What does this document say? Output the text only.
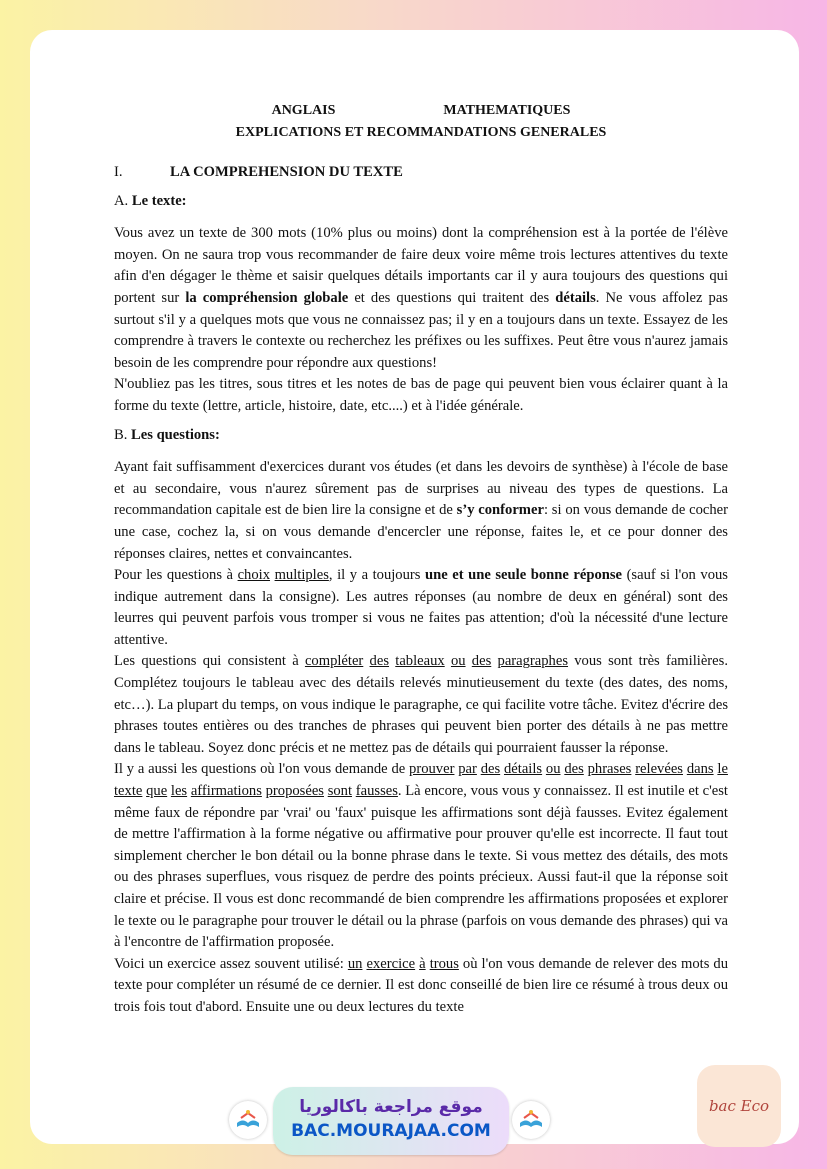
ANGLAIS	MATHEMATIQUES
EXPLICATIONS ET RECOMMANDATIONS GENERALES
I.	LA COMPREHENSION DU TEXTE
A. Le texte:

Vous avez un texte de 300 mots (10% plus ou moins) dont la compréhension est à la portée de l'élève moyen. On ne saura trop vous recommander de faire deux voire même trois lectures attentives du texte afin d'en dégager le thème et saisir quelques détails importants car il y aura toujours des questions qui portent sur la compréhension globale et des questions qui traitent des détails. Ne vous affolez pas surtout s'il y a quelques mots que vous ne connaissez pas; il y en a toujours dans un texte. Essayez de les comprendre à travers le contexte ou recherchez les préfixes ou les suffixes. Peut être vous n'aurez jamais besoin de les comprendre pour répondre aux questions!

N'oubliez pas les titres, sous titres et les notes de bas de page qui peuvent bien vous éclairer quant à la forme du texte (lettre, article, histoire, date, etc....) et à l'idée générale.

B. Les questions:

Ayant fait suffisamment d'exercices durant vos études (et dans les devoirs de synthèse) à l'école de base et au secondaire, vous n'aurez sûrement pas de surprises au niveau des types de questions. La recommandation capitale est de bien lire la consigne et de s’y conformer: si on vous demande de cocher une case, cochez la, si on vous demande d'encercler une réponse, faites le, et ce pour donner des réponses claires, nettes et convaincantes.

Pour les questions à choix multiples, il y a toujours une et une seule bonne réponse (sauf si l'on vous indique autrement dans la consigne). Les autres réponses (au nombre de deux en général) sont des leurres qui peuvent parfois vous tromper si vous ne faites pas attention; d'où la nécessité d'une lecture attentive.

Les questions qui consistent à compléter des tableaux ou des paragraphes vous sont très familières. Complétez toujours le tableau avec des détails relevés minutieusement du texte (des dates, des noms, etc…). La plupart du temps, on vous indique le paragraphe, ce qui facilite votre tâche. Evitez d'écrire des phrases toutes entières ou des tranches de phrases qui peuvent bien porter des détails à ne pas mettre dans le tableau. Soyez donc précis et ne mettez pas de détails qui pourraient fausser la réponse.

Il y a aussi les questions où l'on vous demande de prouver par des détails ou des phrases relevées dans le texte que les affirmations proposées sont fausses. Là encore, vous vous y connaissez. Il est inutile et c'est même faux de répondre par 'vrai' ou 'faux' puisque les affirmations sont déjà fausses. Evitez également de mettre l'affirmation à la forme négative ou affirmative pour prouver qu'elle est incorrecte. Il faut tout simplement chercher le bon détail ou la bonne phrase dans le texte. Si vous mettez des détails, des mots ou des phrases superflues, vous risquez de perdre des points précieux. Aussi faut-il que la réponse soit claire et précise. Il vous est donc recommandé de bien comprendre les affirmations proposées et explorer le texte ou le paragraphe pour trouver le détail ou la phrase (parfois on vous demande des phrases) qui va à l'encontre de l'affirmation proposée.

Voici un exercice assez souvent utilisé: un exercice à trous où l'on vous demande de relever des mots du texte pour compléter un résumé de ce dernier. Il est donc conseillé de bien lire ce résumé à trous deux ou trois fois tout d'abord. Ensuite une ou deux lectures du texte

موقع مراجعة باكالوريا
BAC.MOURAJAA.COM
bac Eco
